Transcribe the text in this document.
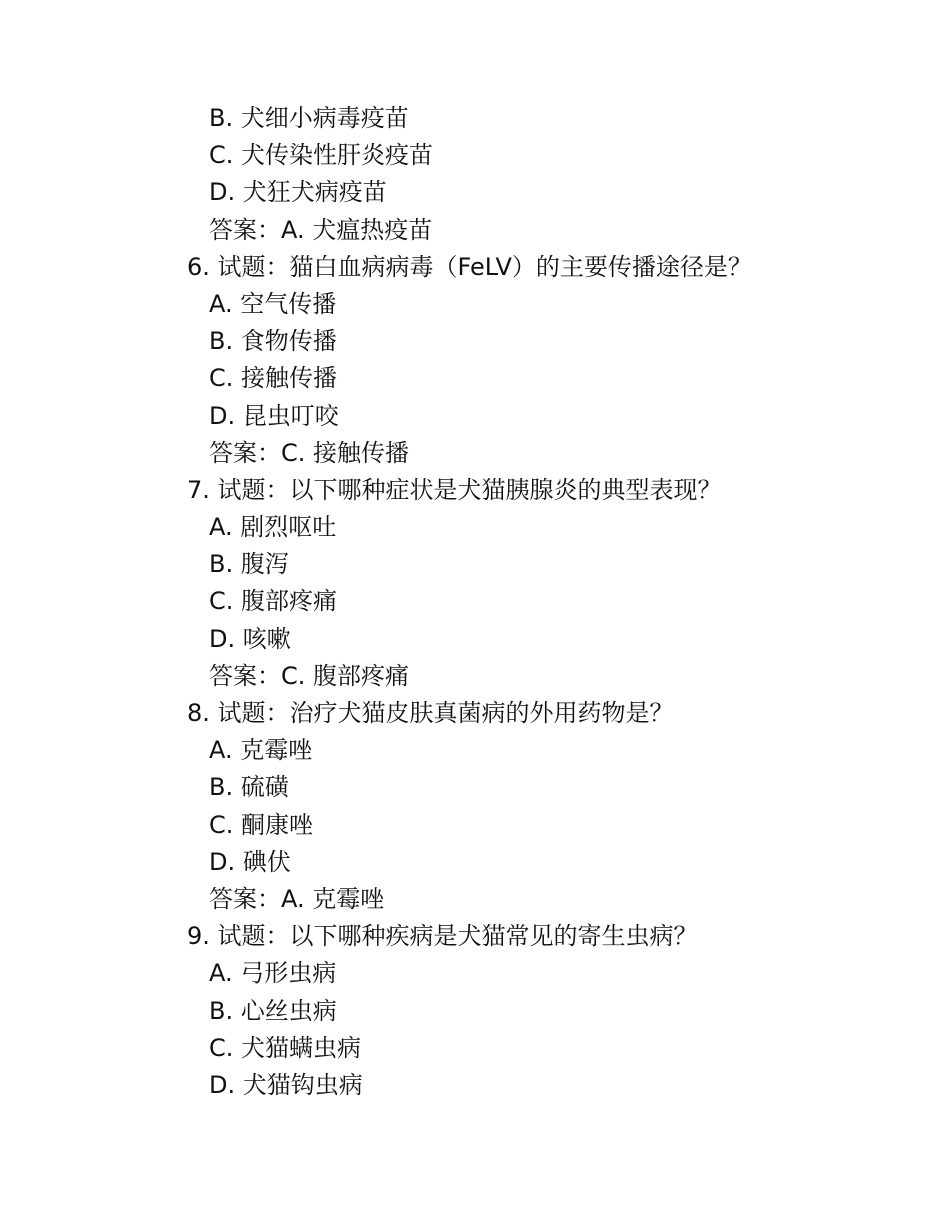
B. 犬细小病毒疫苗
C. 犬传染性肝炎疫苗
D. 犬狂犬病疫苗
答案：A. 犬瘟热疫苗
6. 试题：猫白血病病毒（FeLV）的主要传播途径是？
A. 空气传播
B. 食物传播
C. 接触传播
D. 昆虫叮咬
答案：C. 接触传播
7. 试题：以下哪种症状是犬猫胰腺炎的典型表现？
A. 剧烈呕吐
B. 腹泻
C. 腹部疼痛
D. 咳嗽
答案：C. 腹部疼痛
8. 试题：治疗犬猫皮肤真菌病的外用药物是？
A. 克霉唑
B. 硫磺
C. 酮康唑
D. 碘伏
答案：A. 克霉唑
9. 试题：以下哪种疾病是犬猫常见的寄生虫病？
A. 弓形虫病
B. 心丝虫病
C. 犬猫螨虫病
D. 犬猫钩虫病
